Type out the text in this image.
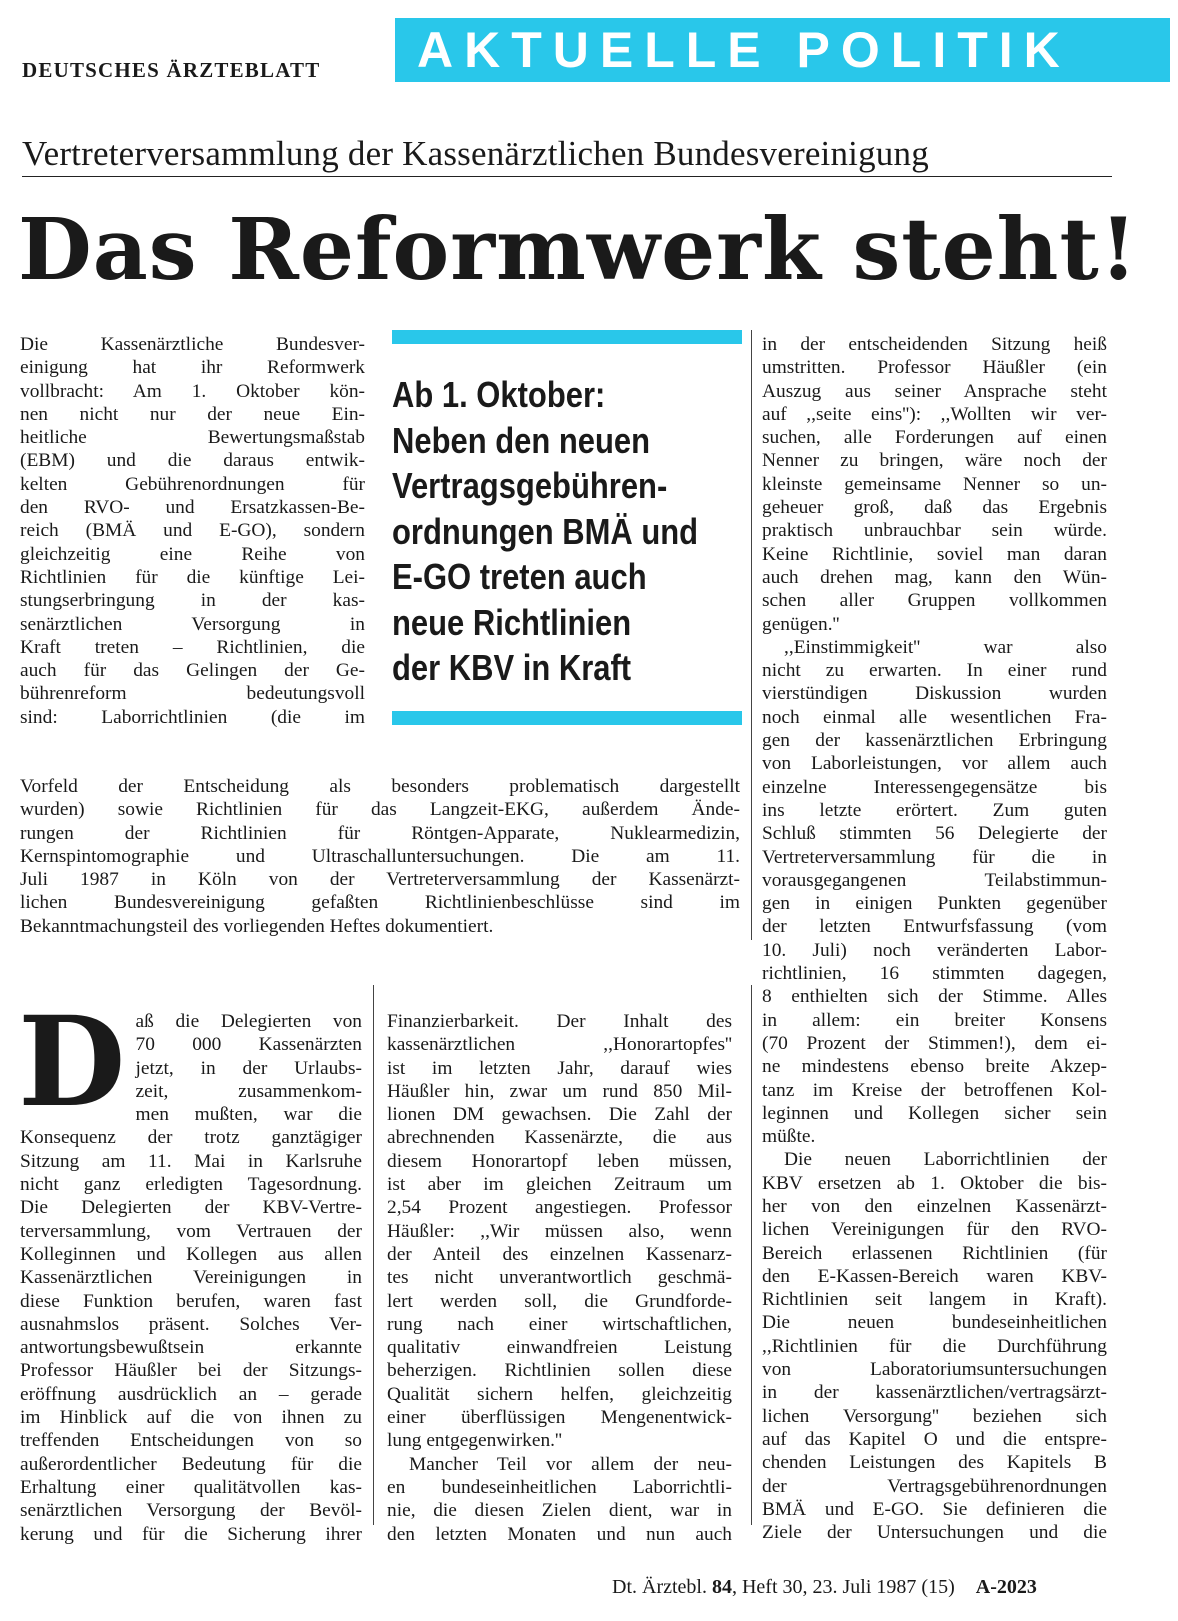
DEUTSCHES ÄRZTEBLATT	AKTUELLE POLITIK
Vertreterversammlung der Kassenärztlichen Bundesvereinigung
Das Reformwerk steht!
Die Kassenärztliche Bundesver-
einigung hat ihr Reformwerk
vollbracht: Am 1. Oktober kön-
nen nicht nur der neue Ein-
heitliche Bewertungsmaßstab
(EBM) und die daraus entwik-
kelten Gebührenordnungen für
den RVO- und Ersatzkassen-Be-
reich (BMÄ und E-GO), sondern
gleichzeitig eine Reihe von
Richtlinien für die künftige Lei-
stungserbringung in der kas-
senärztlichen Versorgung in
Kraft treten – Richtlinien, die
auch für das Gelingen der Ge-
bührenreform bedeutungsvoll
sind: Laborrichtlinien (die im
Vorfeld der Entscheidung als besonders problematisch dargestellt
wurden) sowie Richtlinien für das Langzeit-EKG, außerdem Ände-
rungen der Richtlinien für Röntgen-Apparate, Nuklearmedizin,
Kernspintomographie und Ultraschalluntersuchungen. Die am 11.
Juli 1987 in Köln von der Vertreterversammlung der Kassenärzt-
lichen Bundesvereinigung gefaßten Richtlinienbeschlüsse sind im
Bekanntmachungsteil des vorliegenden Heftes dokumentiert.
Ab 1. Oktober:
Neben den neuen
Vertragsgebühren-
ordnungen BMÄ und
E-GO treten auch
neue Richtlinien
der KBV in Kraft
in der entscheidenden Sitzung heiß
umstritten. Professor Häußler (ein
Auszug aus seiner Ansprache steht
auf ,,seite eins''): ,,Wollten wir ver-
suchen, alle Forderungen auf einen
Nenner zu bringen, wäre noch der
kleinste gemeinsame Nenner so un-
geheuer groß, daß das Ergebnis
praktisch unbrauchbar sein würde.
Keine Richtlinie, soviel man daran
auch drehen mag, kann den Wün-
schen aller Gruppen vollkommen
genügen.''
,,Einstimmigkeit'' war also
nicht zu erwarten. In einer rund
vierstündigen Diskussion wurden
noch einmal alle wesentlichen Fra-
gen der kassenärztlichen Erbringung
von Laborleistungen, vor allem auch
einzelne Interessengegensätze bis
ins letzte erörtert. Zum guten
Schluß stimmten 56 Delegierte der
Vertreterversammlung für die in
vorausgegangenen Teilabstimmun-
gen in einigen Punkten gegenüber
der letzten Entwurfsfassung (vom
10. Juli) noch veränderten Labor-
richtlinien, 16 stimmten dagegen,
8 enthielten sich der Stimme. Alles
in allem: ein breiter Konsens
(70 Prozent der Stimmen!), dem ei-
ne mindestens ebenso breite Akzep-
tanz im Kreise der betroffenen Kol-
leginnen und Kollegen sicher sein
müßte.
Die neuen Laborrichtlinien der
KBV ersetzen ab 1. Oktober die bis-
her von den einzelnen Kassenärzt-
lichen Vereinigungen für den RVO-
Bereich erlassenen Richtlinien (für
den E-Kassen-Bereich waren KBV-
Richtlinien seit langem in Kraft).
Die neuen bundeseinheitlichen
,,Richtlinien für die Durchführung
von Laboratoriumsuntersuchungen
in der kassenärztlichen/vertragsärzt-
lichen Versorgung'' beziehen sich
auf das Kapitel O und die entspre-
chenden Leistungen des Kapitels B
der Vertragsgebührenordnungen
BMÄ und E-GO. Sie definieren die
Ziele der Untersuchungen und die
D aß die Delegierten von
70 000 Kassenärzten
jetzt, in der Urlaubs-
zeit, zusammenkom-
men mußten, war die
Konsequenz der trotz ganztägiger
Sitzung am 11. Mai in Karlsruhe
nicht ganz erledigten Tagesordnung.
Die Delegierten der KBV-Vertre-
terversammlung, vom Vertrauen der
Kolleginnen und Kollegen aus allen
Kassenärztlichen Vereinigungen in
diese Funktion berufen, waren fast
ausnahmslos präsent. Solches Ver-
antwortungsbewußtsein erkannte
Professor Häußler bei der Sitzungs-
eröffnung ausdrücklich an – gerade
im Hinblick auf die von ihnen zu
treffenden Entscheidungen von so
außerordentlicher Bedeutung für die
Erhaltung einer qualitätvollen kas-
senärztlichen Versorgung der Bevöl-
kerung und für die Sicherung ihrer
Finanzierbarkeit. Der Inhalt des
kassenärztlichen ,,Honorartopfes''
ist im letzten Jahr, darauf wies
Häußler hin, zwar um rund 850 Mil-
lionen DM gewachsen. Die Zahl der
abrechnenden Kassenärzte, die aus
diesem Honorartopf leben müssen,
ist aber im gleichen Zeitraum um
2,54 Prozent angestiegen. Professor
Häußler: ,,Wir müssen also, wenn
der Anteil des einzelnen Kassenarz-
tes nicht unverantwortlich geschmä-
lert werden soll, die Grundforde-
rung nach einer wirtschaftlichen,
qualitativ einwandfreien Leistung
beherzigen. Richtlinien sollen diese
Qualität sichern helfen, gleichzeitig
einer überflüssigen Mengenentwick-
lung entgegenwirken.''
Mancher Teil vor allem der neu-
en bundeseinheitlichen Laborrichtli-
nie, die diesen Zielen dient, war in
den letzten Monaten und nun auch
Dt. Ärztebl. 84, Heft 30, 23. Juli 1987 (15) A-2023
